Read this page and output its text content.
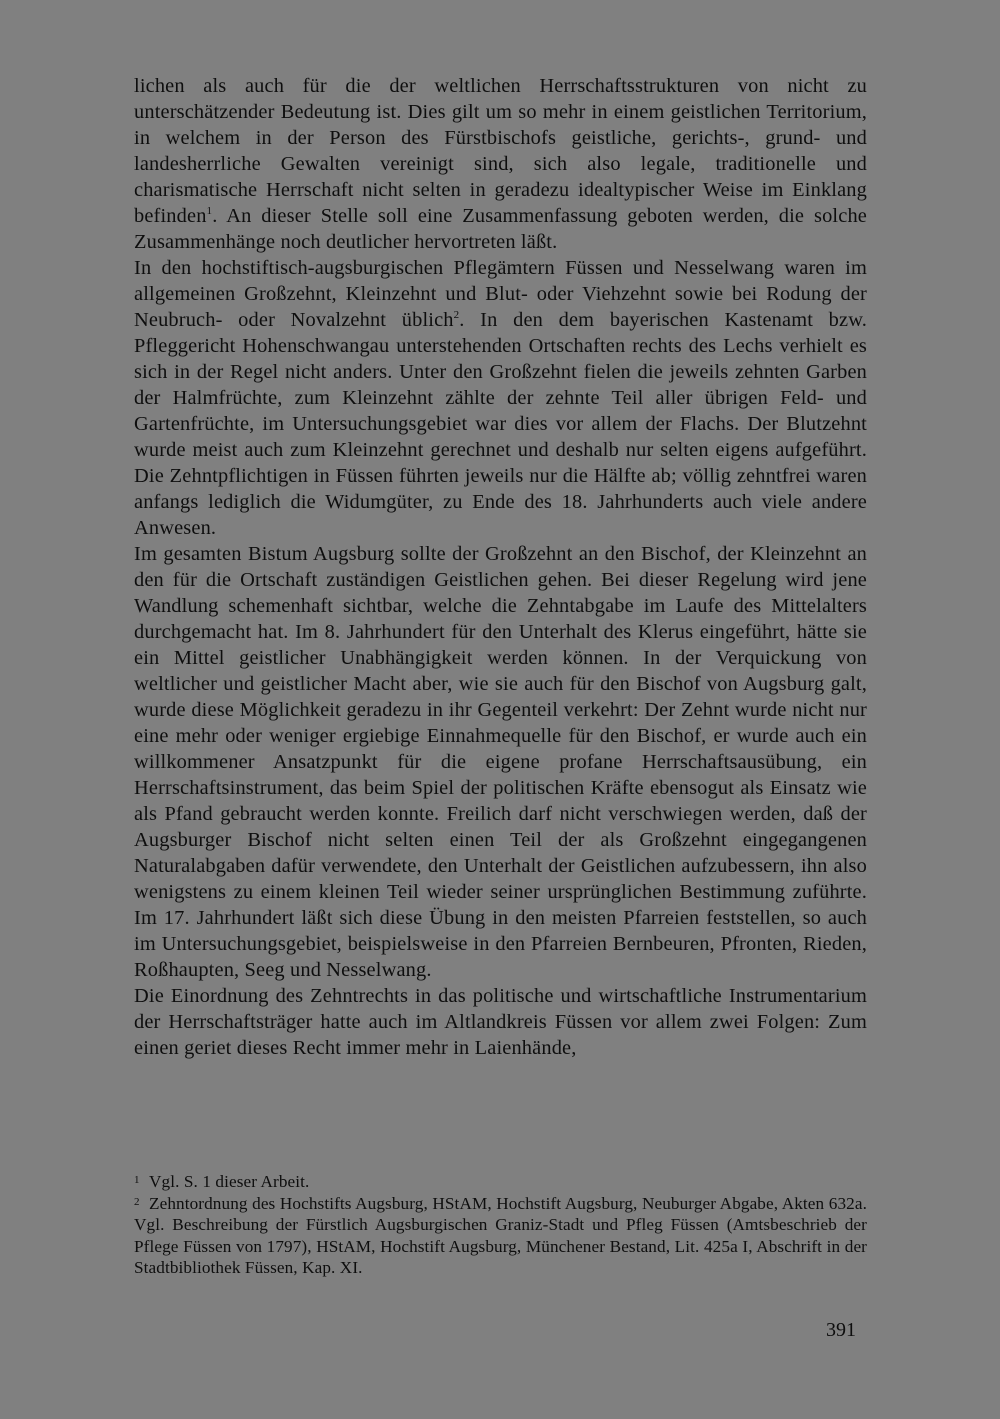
lichen als auch für die der weltlichen Herrschaftsstrukturen von nicht zu unterschätzender Bedeutung ist. Dies gilt um so mehr in einem geistlichen Territorium, in welchem in der Person des Fürstbischofs geistliche, gerichts-, grund- und landesherrliche Gewalten vereinigt sind, sich also legale, traditionelle und charismatische Herrschaft nicht selten in geradezu idealtypischer Weise im Einklang befinden$^1$. An dieser Stelle soll eine Zusammenfassung geboten werden, die solche Zusammenhänge noch deutlicher hervortreten läßt.

In den hochstiftisch-augsburgischen Pflegämtern Füssen und Nesselwang waren im allgemeinen Großzehnt, Kleinzehnt und Blut- oder Viehzehnt sowie bei Rodung der Neubruch- oder Novalzehnt üblich$^2$. In den dem bayerischen Kastenamt bzw. Pfleggericht Hohenschwangau unterstehenden Ortschaften rechts des Lechs verhielt es sich in der Regel nicht anders. Unter den Großzehnt fielen die jeweils zehnten Garben der Halmfrüchte, zum Kleinzehnt zählte der zehnte Teil aller übrigen Feld- und Gartenfrüchte, im Untersuchungsgebiet war dies vor allem der Flachs. Der Blutzehnt wurde meist auch zum Kleinzehnt gerechnet und deshalb nur selten eigens aufgeführt. Die Zehntpflichtigen in Füssen führten jeweils nur die Hälfte ab; völlig zehntfrei waren anfangs lediglich die Widumgüter, zu Ende des 18. Jahrhunderts auch viele andere Anwesen.

Im gesamten Bistum Augsburg sollte der Großzehnt an den Bischof, der Kleinzehnt an den für die Ortschaft zuständigen Geistlichen gehen. Bei dieser Regelung wird jene Wandlung schemenhaft sichtbar, welche die Zehntabgabe im Laufe des Mittelalters durchgemacht hat. Im 8. Jahrhundert für den Unterhalt des Klerus eingeführt, hätte sie ein Mittel geistlicher Unabhängigkeit werden können. In der Verquickung von weltlicher und geistlicher Macht aber, wie sie auch für den Bischof von Augsburg galt, wurde diese Möglichkeit geradezu in ihr Gegenteil verkehrt: Der Zehnt wurde nicht nur eine mehr oder weniger ergiebige Einnahmequelle für den Bischof, er wurde auch ein willkommener Ansatzpunkt für die eigene profane Herrschaftsausübung, ein Herrschaftsinstrument, das beim Spiel der politischen Kräfte ebensogut als Einsatz wie als Pfand gebraucht werden konnte. Freilich darf nicht verschwiegen werden, daß der Augsburger Bischof nicht selten einen Teil der als Großzehnt eingegangenen Naturalabgaben dafür verwendete, den Unterhalt der Geistlichen aufzubessern, ihn also wenigstens zu einem kleinen Teil wieder seiner ursprünglichen Bestimmung zuführte. Im 17. Jahrhundert läßt sich diese Übung in den meisten Pfarreien feststellen, so auch im Untersuchungsgebiet, beispielsweise in den Pfarreien Bernbeuren, Pfronten, Rieden, Roßhaupten, Seeg und Nesselwang.

Die Einordnung des Zehntrechts in das politische und wirtschaftliche Instrumentarium der Herrschaftsträger hatte auch im Altlandkreis Füssen vor allem zwei Folgen: Zum einen geriet dieses Recht immer mehr in Laienhände,

1 Vgl. S. 1 dieser Arbeit.

2 Zehntordnung des Hochstifts Augsburg, HStAM, Hochstift Augsburg, Neuburger Abgabe, Akten 632a. Vgl. Beschreibung der Fürstlich Augsburgischen Graniz-Stadt und Pfleg Füssen (Amtsbeschrieb der Pflege Füssen von 1797), HStAM, Hochstift Augsburg, Münchener Bestand, Lit. 425a I, Abschrift in der Stadtbibliothek Füssen, Kap. XI.

391
